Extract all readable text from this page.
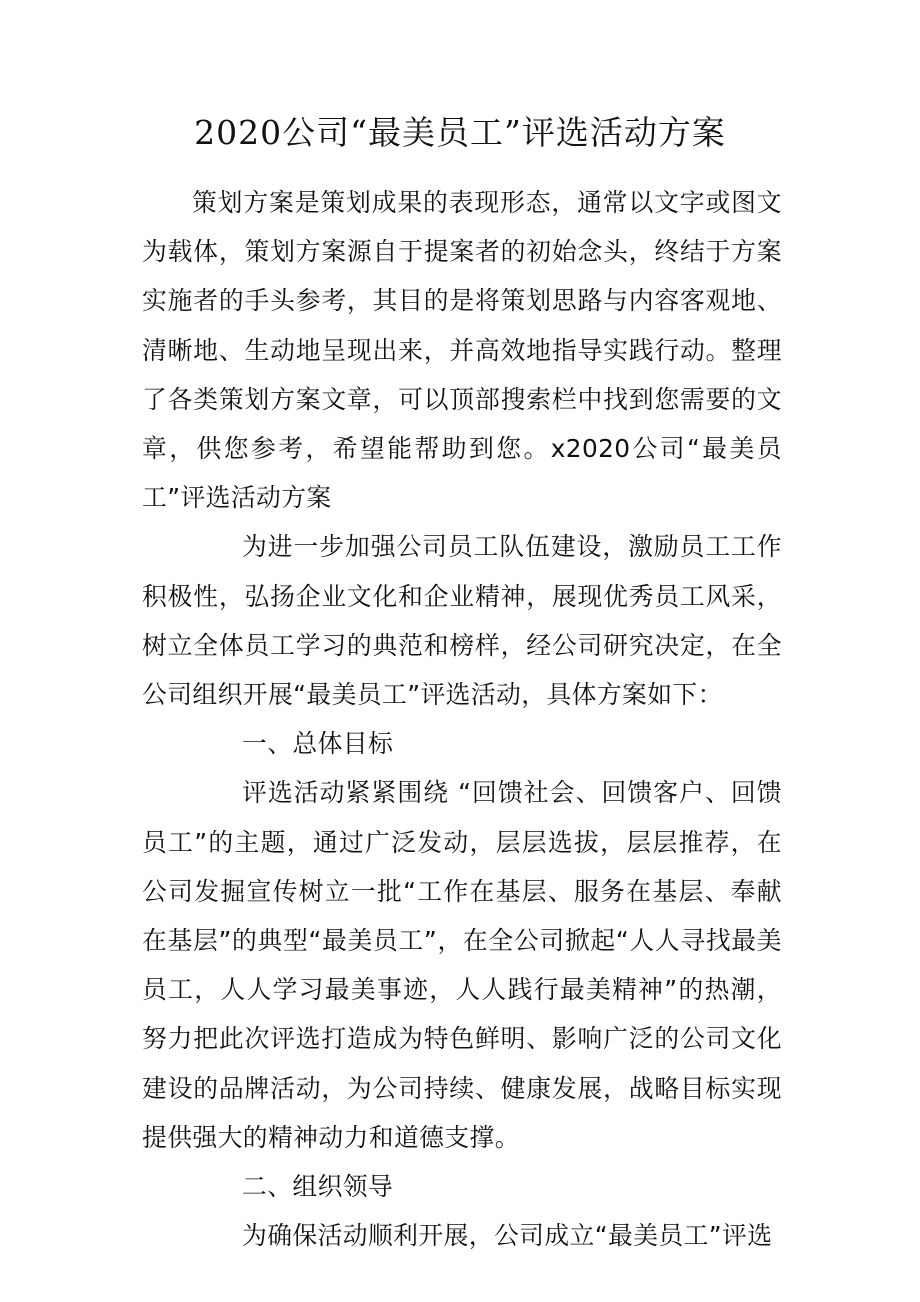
2020公司“最美员工”评选活动方案

策划方案是策划成果的表现形态，通常以文字或图文为载体，策划方案源自于提案者的初始念头，终结于方案实施者的手头参考，其目的是将策划思路与内容客观地、清晰地、生动地呈现出来，并高效地指导实践行动。整理了各类策划方案文章，可以顶部搜索栏中找到您需要的文章，供您参考，希望能帮助到您。x2020公司“最美员工”评选活动方案

为进一步加强公司员工队伍建设，激励员工工作积极性，弘扬企业文化和企业精神，展现优秀员工风采，树立全体员工学习的典范和榜样，经公司研究决定，在全公司组织开展“最美员工”评选活动，具体方案如下：

一、总体目标

评选活动紧紧围绕 “回馈社会、回馈客户、回馈员工”的主题，通过广泛发动，层层选拔，层层推荐，在公司发掘宣传树立一批“工作在基层、服务在基层、奉献在基层”的典型“最美员工”，在全公司掀起“人人寻找最美员工，人人学习最美事迹，人人践行最美精神”的热潮，努力把此次评选打造成为特色鲜明、影响广泛的公司文化建设的品牌活动，为公司持续、健康发展，战略目标实现提供强大的精神动力和道德支撑。

二、组织领导

为确保活动顺利开展，公司成立“最美员工”评选
